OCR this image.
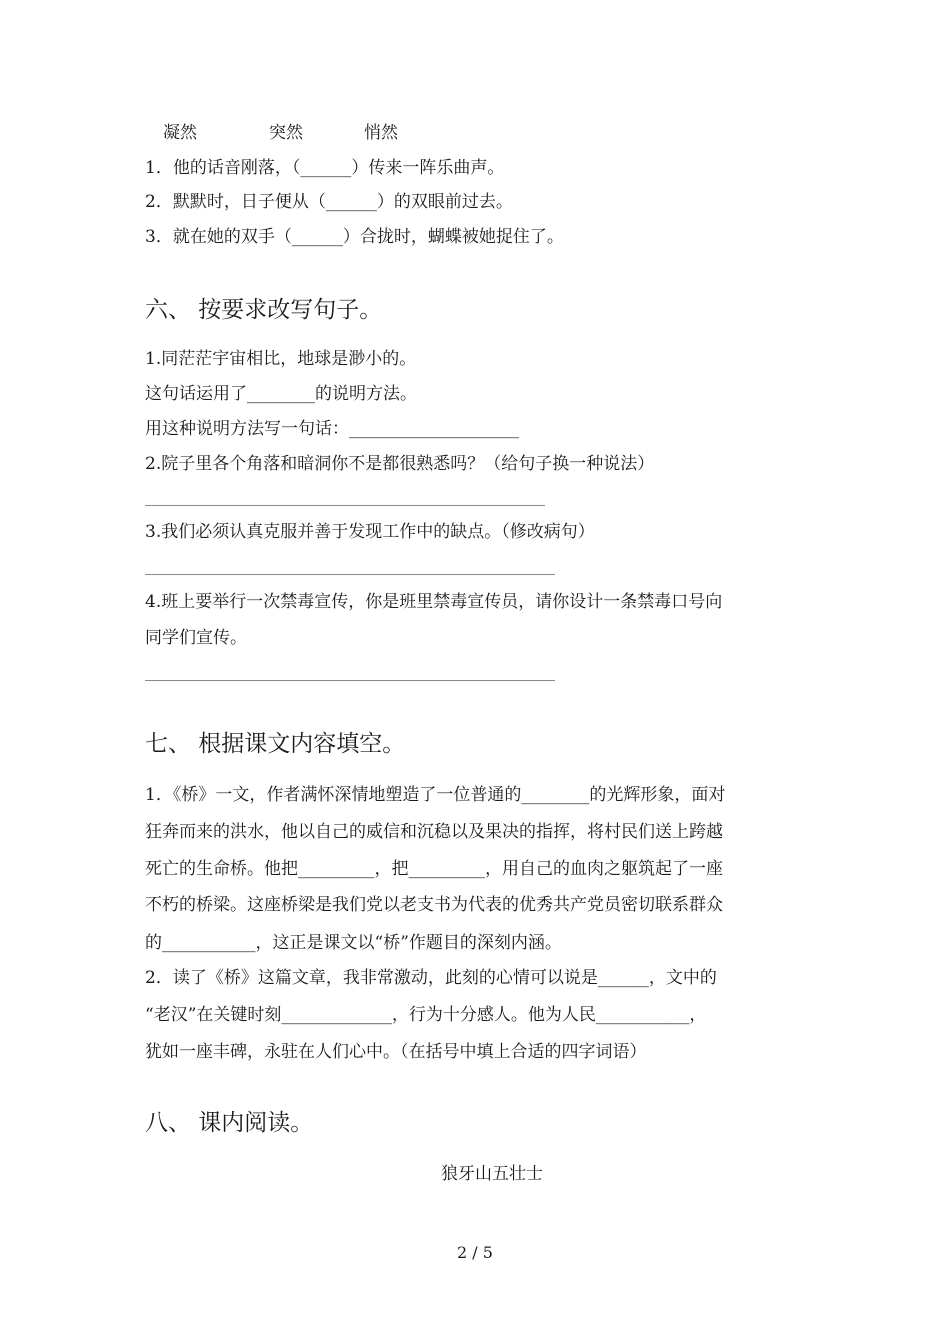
凝然	突然	悄然
1．他的话音刚落，（______）传来一阵乐曲声。
2．默默时，日子便从（______）的双眼前过去。
3．就在她的双手（______）合拢时，蝴蝶被她捉住了。
六、 按要求改写句子。
1.同茫茫宇宙相比，地球是渺小的。
这句话运用了________的说明方法。
用这种说明方法写一句话：____________________
2.院子里各个角落和暗洞你不是都很熟悉吗？（给句子换一种说法）
3.我们必须认真克服并善于发现工作中的缺点。（修改病句）
4.班上要举行一次禁毒宣传，你是班里禁毒宣传员，请你设计一条禁毒口号向
同学们宣传。
七、 根据课文内容填空。
1．《桥》一文，作者满怀深情地塑造了一位普通的________的光辉形象，面对
狂奔而来的洪水，他以自己的威信和沉稳以及果决的指挥，将村民们送上跨越
死亡的生命桥。他把_________，把_________，用自己的血肉之躯筑起了一座
不朽的桥梁。这座桥梁是我们党以老支书为代表的优秀共产党员密切联系群众
的___________，这正是课文以“桥”作题目的深刻内涵。
2．读了《桥》这篇文章，我非常激动，此刻的心情可以说是______，文中的
“老汉”在关键时刻_____________，行为十分感人。他为人民___________，
犹如一座丰碑，永驻在人们心中。（在括号中填上合适的四字词语）
八、 课内阅读。
狼牙山五壮士
2 / 5
